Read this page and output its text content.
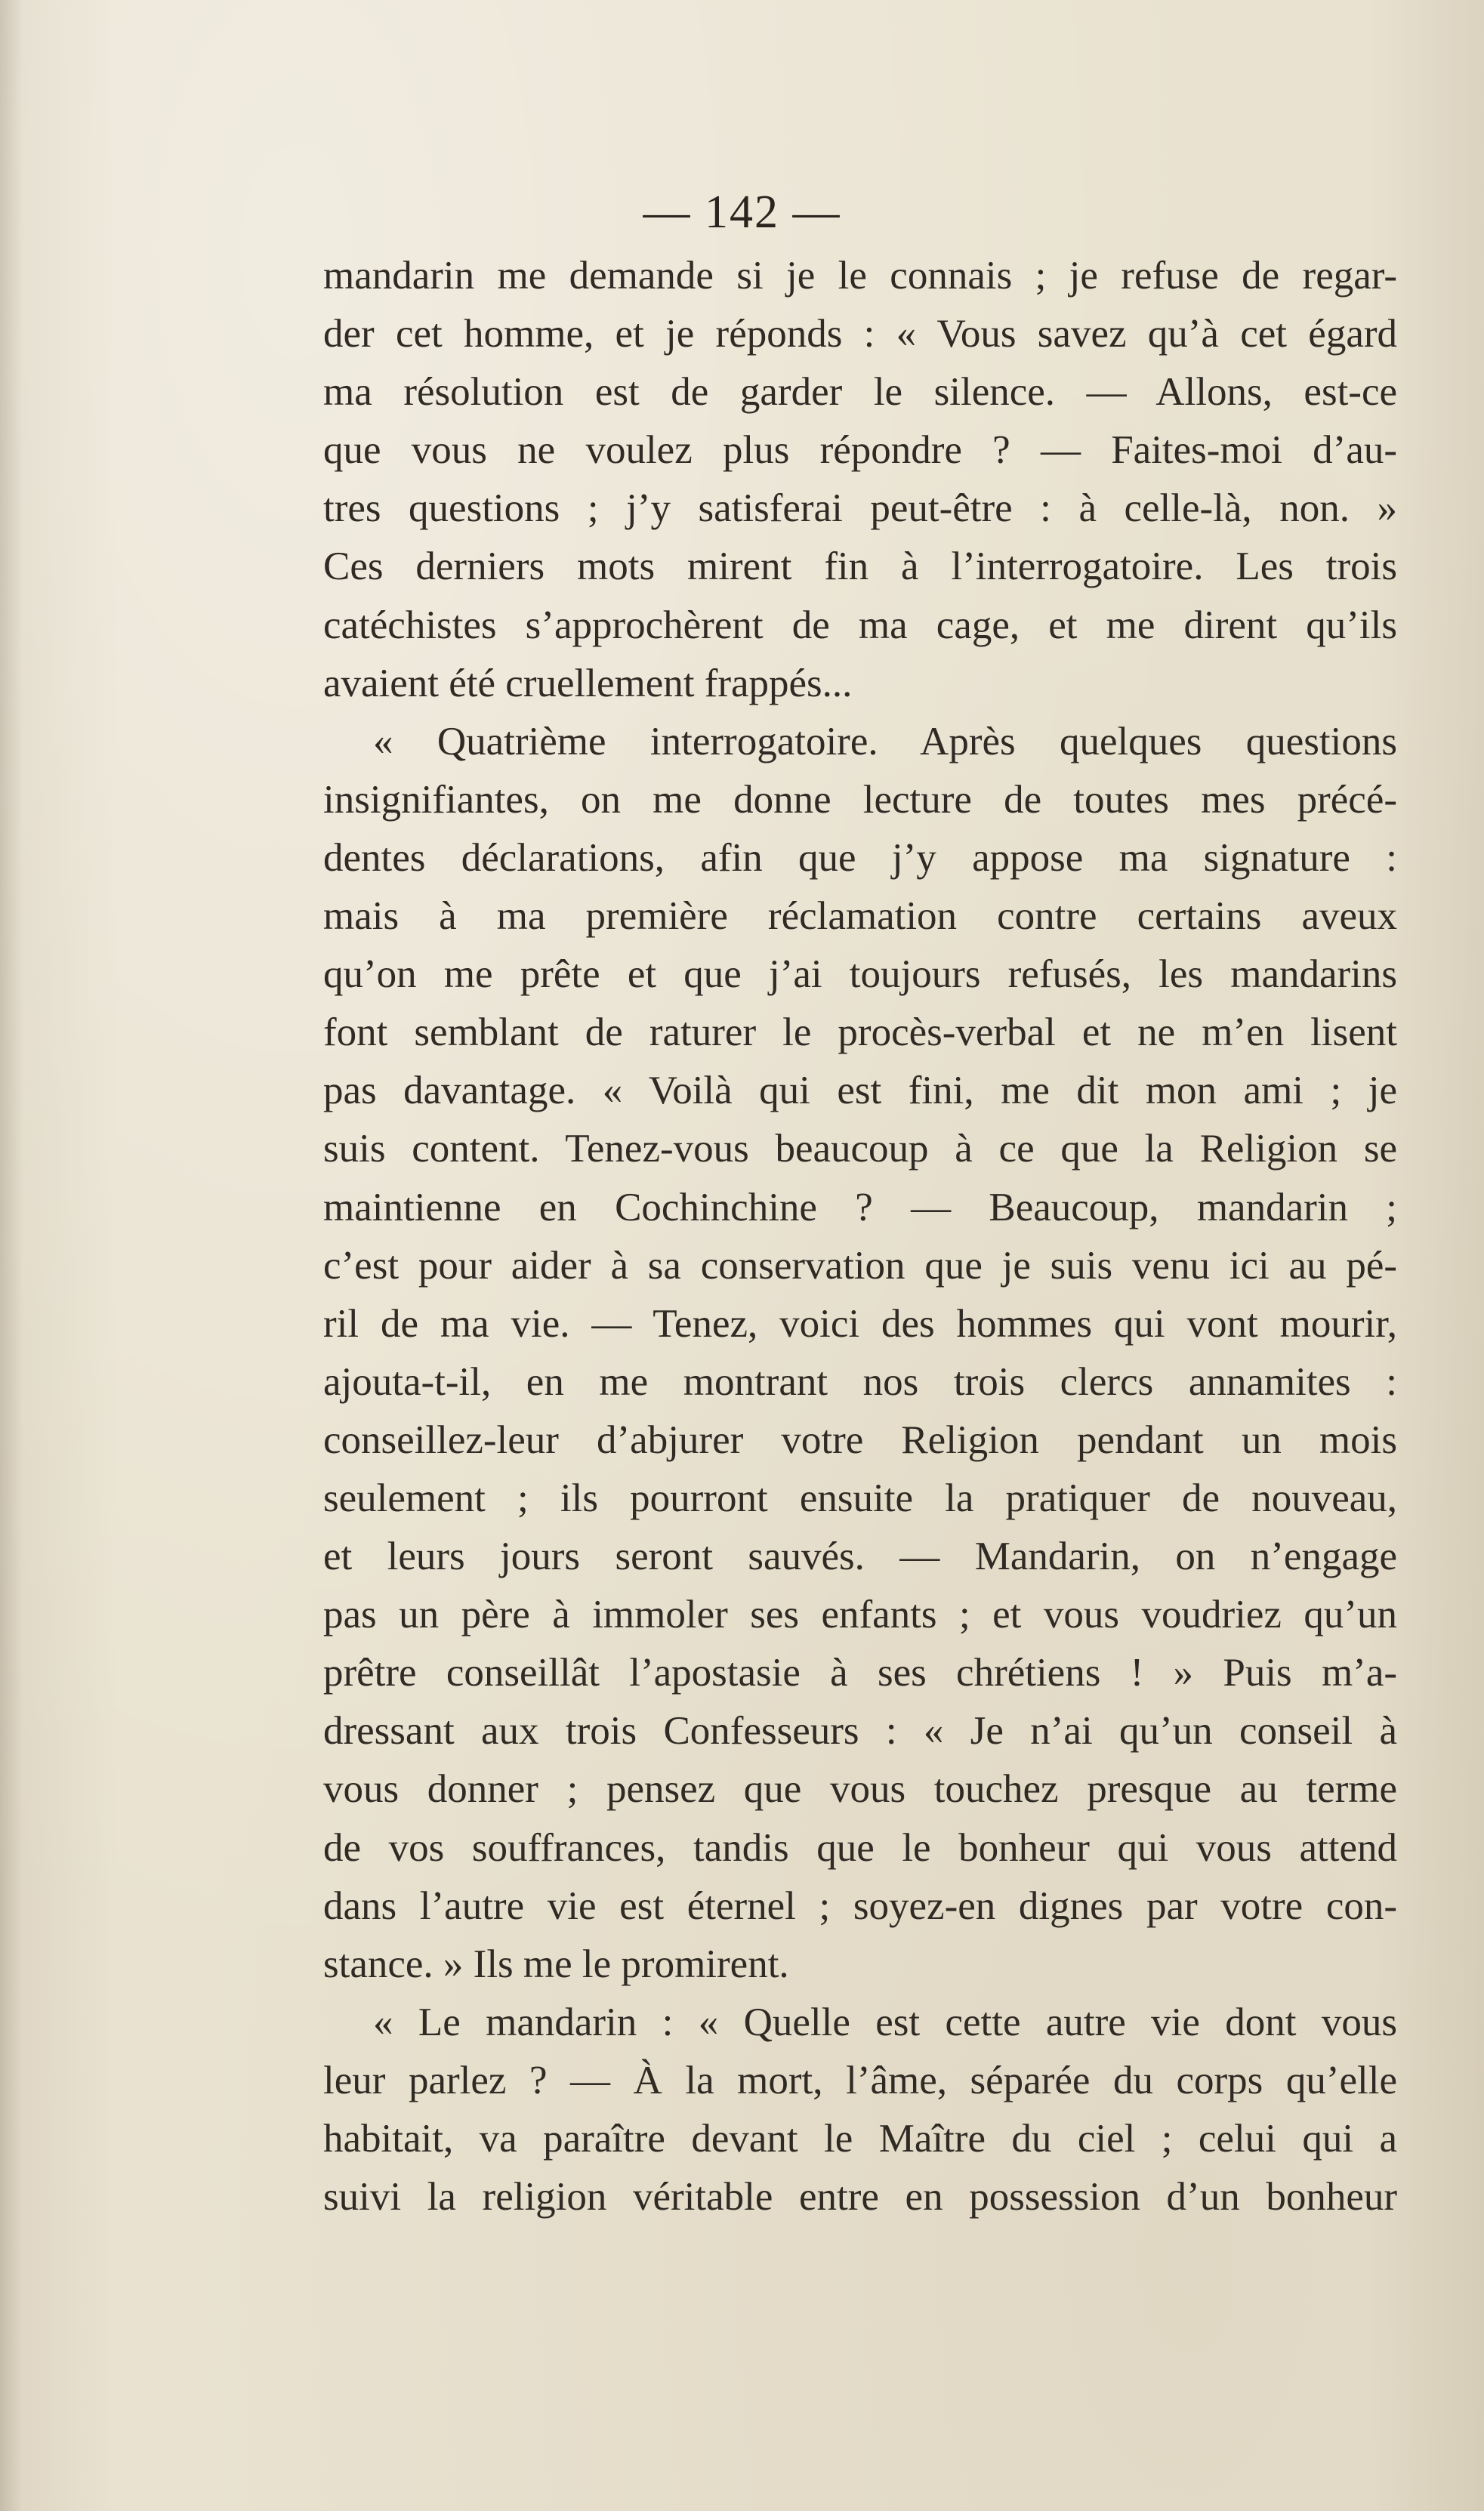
— 142 —
mandarin me demande si je le connais ; je refuse de regar-
der cet homme, et je réponds : « Vous savez qu’à cet égard
ma résolution est de garder le silence. — Allons, est-ce
que vous ne voulez plus répondre ? — Faites-moi d’au-
tres questions ; j’y satisferai peut-être : à celle-là, non. »
Ces derniers mots mirent fin à l’interrogatoire. Les trois
catéchistes s’approchèrent de ma cage, et me dirent qu’ils
avaient été cruellement frappés...
« Quatrième interrogatoire. Après quelques questions
insignifiantes, on me donne lecture de toutes mes précé-
dentes déclarations, afin que j’y appose ma signature :
mais à ma première réclamation contre certains aveux
qu’on me prête et que j’ai toujours refusés, les mandarins
font semblant de raturer le procès-verbal et ne m’en lisent
pas davantage. « Voilà qui est fini, me dit mon ami ; je
suis content. Tenez-vous beaucoup à ce que la Religion se
maintienne en Cochinchine ? — Beaucoup, mandarin ;
c’est pour aider à sa conservation que je suis venu ici au pé-
ril de ma vie. — Tenez, voici des hommes qui vont mourir,
ajouta-t-il, en me montrant nos trois clercs annamites :
conseillez-leur d’abjurer votre Religion pendant un mois
seulement ; ils pourront ensuite la pratiquer de nouveau,
et leurs jours seront sauvés. — Mandarin, on n’engage
pas un père à immoler ses enfants ; et vous voudriez qu’un
prêtre conseillât l’apostasie à ses chrétiens ! » Puis m’a-
dressant aux trois Confesseurs : « Je n’ai qu’un conseil à
vous donner ; pensez que vous touchez presque au terme
de vos souffrances, tandis que le bonheur qui vous attend
dans l’autre vie est éternel ; soyez-en dignes par votre con-
stance. » Ils me le promirent.
« Le mandarin : « Quelle est cette autre vie dont vous
leur parlez ? — À la mort, l’âme, séparée du corps qu’elle
habitait, va paraître devant le Maître du ciel ; celui qui a
suivi la religion véritable entre en possession d’un bonheur
